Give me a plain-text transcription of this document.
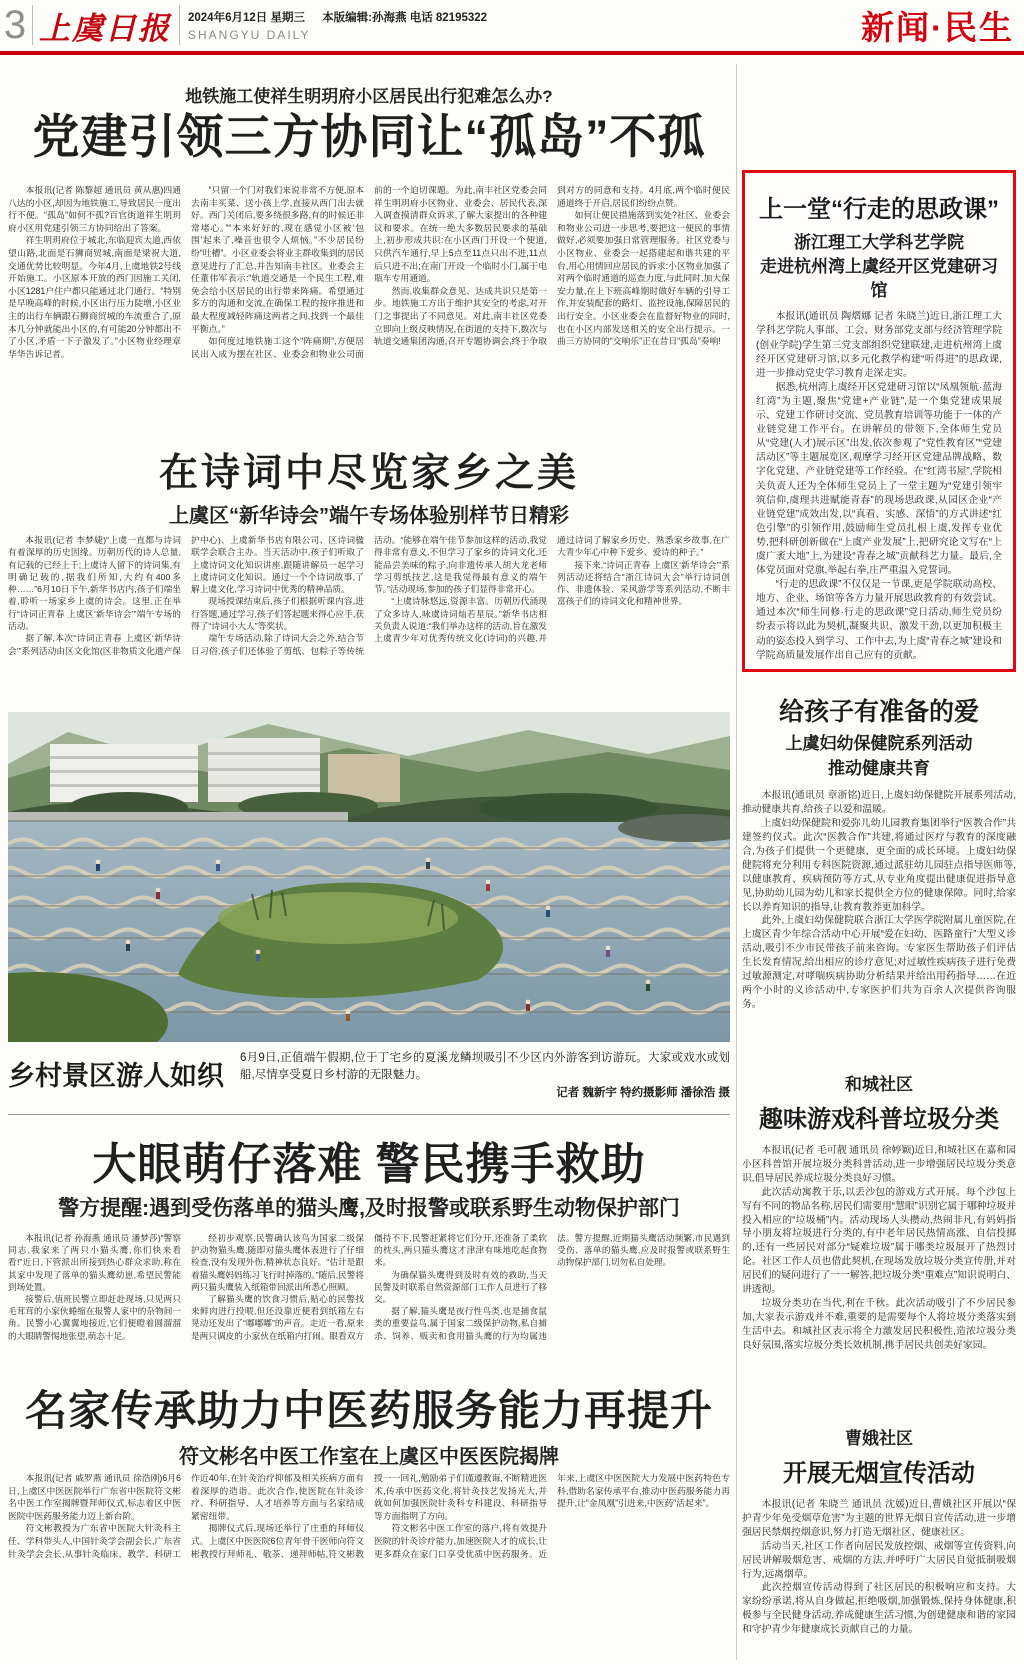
3 上虞日报 2024年6月12日 星期三 本版编辑:孙海燕 电话 82195322
SHANGYU DAILY	新闻·民生
地铁施工使祥生明玥府小区居民出行犯难怎么办?
党建引领三方协同让“孤岛”不孤

本报讯(记者 陈黎超 通讯员 黄从惠)四通八达的小区,却因为地铁施工,导致居民一度出行不便。“孤岛”如何不孤?百官街道祥生明玥府小区用党建引领三方协同给出了答案。

祥生明玥府位于城北,东临迎宾大道,西依望山路,北面是石狮商贸城,南面是梁祝大道,交通优势比较明显。今年4月,上虞地铁2号线开始施工。小区原本开放的西门因施工关闭,小区1281户住户都只能通过北门通行。“特别是早晚高峰的时候,小区出行压力陡增,小区业主的出行车辆跟石狮商贸城的车流重合了,原本几分钟就能出小区的,有可能20分钟都出不了小区,矛盾一下子激发了。”小区物业经理章华华告诉记者。

“只留一个门对我们来说非常不方便,原本去南丰买菜、送小孩上学,直接从西门出去就好。西门关闭后,要多绕很多路,有的时候还非常堵心。”“本来好好的,现在感觉小区被‘包围’起来了,噪音也很令人烦恼。”不少居民纷纷“吐槽”。小区业委会将业主群收集到的居民意见进行了汇总,并告知南丰社区。业委会主任董伟军表示:“轨道交通是一个民生工程,难免会给小区居民的出行带来阵痛。希望通过多方的沟通和交流,在确保工程的按序推进和最大程度减轻阵痛这两者之间,找到一个最佳平衡点。”

如何度过地铁施工这个“阵痛期”,方便居民出入成为摆在社区、业委会和物业公司面前的一个迫切课题。为此,南丰社区党委会同祥生明玥府小区物业、业委会、居民代表,深入调查摸清群众诉求,了解大家提出的各种建议和要求。在统一绝大多数居民要求的基础上,初步形成共识:在小区西门开设一个便道,只供汽车通行,早上5点至11点只出不进,11点后只进不出;在南门开设一个临时小门,属于电瓶车专用通道。

然而,收集群众意见、达成共识只是第一步。地铁施工方出于维护其安全的考虑,对开门之事提出了不同意见。对此,南丰社区党委立即向上级反映情况,在街道的支持下,数次与轨道交通集团沟通,召开专题协调会,终于争取到对方的同意和支持。4月底,两个临时便民通道终于开启,居民们纷纷点赞。

如何让便民措施落到实处?社区、业委会和物业公司进一步思考,要把这一便民的事情做好,必须要加强日常管理服务。社区党委与小区物业、业委会一起搭建起和谐共建的平台,用心用情回应居民的诉求:小区物业加强了对两个临时通道的巡查力度,与此同时,加大保安力量,在上下班高峰期时做好车辆的引导工作,并安装配套的路灯、监控设施,保障居民的出行安全。小区业委会在监督好物业的同时,也在小区内部发送相关的安全出行提示。一曲三方协同的“交响乐”正在昔日“孤岛”奏响!

在诗词中尽览家乡之美
上虞区“新华诗会”端午专场体验别样节日精彩

本报讯(记者 李梦婕)“上虞一直都与诗词有着深厚的历史因缘。历朝历代的诗人总量,有记载的已经上千;上虞诗人留下的诗词集,有明确记载的,据我们所知,大约有400多种……”6月10日下午,新华书店内,孩子们端坐着,聆听一场家乡上虞的诗会。这里,正在举行“诗词正青春 上虞区‘新华诗会’”端午专场的活动。

据了解,本次“诗词正青春 上虞区‘新华诗会’”系列活动由区文化馆(区非物质文化遗产保护中心)、上虞新华书店有限公司、区诗词楹联学会联合主办。当天活动中,孩子们听取了上虞诗词文化知识讲座,跟随讲解员一起学习上虞诗词文化知识。通过一个个诗词故事,了解上虞文化,学习诗词中优秀的精神品质。

现场授课结束后,孩子们根据听课内容,进行答题,通过学习,孩子们答起题来得心应手,获得了“诗词小大人”等奖状。

端午专场活动,除了诗词大会之外,结合节日习俗,孩子们还体验了剪纸、包粽子等传统活动。“能够在端午佳节参加这样的活动,我觉得非常有意义,不但学习了家乡的诗词文化,还能品尝美味的粽子,向非遗传承人胡大龙老师学习剪纸技艺,这是我觉得最有意义的端午节。”活动现场,参加的孩子们显得非常开心。

“上虞诗脉悠远,资源丰富。历朝历代涌现了众多诗人,咏虞诗词灿若星辰。”新华书店相关负责人说道:“我们举办这样的活动,旨在激发上虞青少年对优秀传统文化(诗词)的兴趣,并通过诗词了解家乡历史、熟悉家乡故事,在广大青少年心中种下爱乡、爱诗的种子。”

接下来,“诗词正青春 上虞区‘新华诗会’”系列活动还将结合“浙江诗词大会”举行诗词创作、非遗体验、采风游学等系列活动,不断丰富孩子们的诗词文化和精神世界。

乡村景区游人如织
6月9日,正值端午假期,位于丁宅乡的夏溪龙鳞坝吸引不少区内外游客到访游玩。大家或戏水或划船,尽情享受夏日乡村游的无限魅力。
记者 魏新宇 特约摄影师 潘徐浩 摄
大眼萌仔落难 警民携手救助
警方提醒:遇到受伤落单的猫头鹰,及时报警或联系野生动物保护部门

本报讯(记者 孙海燕 通讯员 潘梦莎)“警察同志,我家来了两只小猫头鹰,你们快来看看!”近日,下管派出所接到热心群众求助,称在其家中发现了落单的猫头鹰幼崽,希望民警能到场处置。

接警后,值班民警立即赶赴现场,只见两只毛茸茸的小家伙蜷缩在报警人家中的杂物间一角。民警小心翼翼地接近,它们便瞪着圆溜溜的大眼睛警惕地张望,萌态十足。

经初步观察,民警确认该鸟为国家二级保护动物猫头鹰,随即对猫头鹰体表进行了仔细检查,没有发现外伤,精神状态良好。“估计是跟着猫头鹰妈妈练习飞行时掉落的。”随后,民警将两只猫头鹰装入纸箱带回派出所悉心照顾。

了解猫头鹰的饮食习惯后,贴心的民警找来鲜肉进行投喂,但还没靠近便看到纸箱左右晃动还发出了“嘟嘟嘟”的声音。走近一看,原来是两只调皮的小家伙在纸箱内打闹。眼看双方僵持不下,民警赶紧将它们分开,还准备了柔软的枕头,两只猫头鹰这才津津有味地吃起食物来。

为确保猫头鹰得到及时有效的救助,当天民警及时联系自然资源部门工作人员进行了移交。

据了解,猫头鹰是夜行性鸟类,也是捕食鼠类的重要益鸟,属于国家二级保护动物,私自捕杀、饲养、贩卖和食用猫头鹰的行为均属违法。警方提醒,近期猫头鹰活动频繁,市民遇到受伤、落单的猫头鹰,应及时报警或联系野生动物保护部门,切勿私自处理。

名家传承助力中医药服务能力再提升
符文彬名中医工作室在上虞区中医医院揭牌

本报讯(记者 戚罗燕 通讯员 徐浩刚)6月6日,上虞区中医医院举行广东省中医院符文彬名中医工作室揭牌暨拜师仪式,标志着区中医医院中医药服务能力迈上新台阶。

符文彬教授为广东省中医院大针灸科主任、学科带头人,中国针灸学会副会长,广东省针灸学会会长,从事针灸临床、教学、科研工作近40年,在针灸治疗抑郁及相关疾病方面有着深厚的造诣。此次合作,使医院在针灸诊疗、科研指导、人才培养等方面与名家结成紧密纽带。

揭牌仪式后,现场还举行了庄重的拜师仪式。上虞区中医医院6位青年骨干医师向符文彬教授行拜师礼、敬茶、递拜师帖,符文彬教授一一回礼,勉励弟子们谨遵教诲,不断精进医术,传承中医药文化,将针灸技艺发扬光大,并就如何加强医院针灸科专科建设、科研指导等方面指明了方向。

符文彬名中医工作室的落户,将有效提升医院的针灸诊疗能力,加速医院人才的成长,让更多群众在家门口享受优质中医药服务。近年来,上虞区中医医院大力发展中医药特色专科,借助名家传承平台,推动中医药服务能力再提升,让“金凤凰”引进来,中医药“活起来”。

上一堂“行走的思政课”
浙江理工大学科艺学院
走进杭州湾上虞经开区党建研习馆

本报讯(通讯员 陶熠娜 记者 朱晓兰)近日,浙江理工大学科艺学院人事部、工会、财务部党支部与经济管理学院(创业学院)学生第三党支部组织党建联建,走进杭州湾上虞经开区党建研习馆,以多元化教学构建“听得进”的思政课,进一步推动党史学习教育走深走实。

据悉,杭州湾上虞经开区党建研习馆以“凤凰领航·蓝海红湾”为主题,聚焦“党建+产业链”,是一个集党建成果展示、党建工作研讨交流、党员教育培训等功能于一体的产业链党建工作平台。在讲解员的带领下,全体师生党员从“党建(人才)展示区”出发,依次参观了“党性教育区”“党建活动区”等主题展览区,观摩学习经开区党建品牌战略、数字化党建、产业链党建等工作经验。在“红湾书屋”,学院相关负责人还为全体师生党员上了一堂主题为“党建引领牢筑信仰,虞理共进赋能青春”的现场思政课,从园区企业“产业链党建”成效出发,以“真看、实感、深悟”的方式讲述“红色引擎”的引领作用,鼓励师生党员扎根上虞,发挥专业优势,把科研创新做在“上虞产业发展”上,把研究论文写在“上虞广袤大地”上,为建设“青春之城”贡献科艺力量。最后,全体党员面对党旗,举起右拳,庄严重温入党誓词。

“行走的思政课”不仅仅是一节课,更是学院联动高校、地方、企业、场馆等各方力量开展思政教育的有效尝试。通过本次“师生同修·行走的思政课”党日活动,师生党员纷纷表示将以此为契机,凝聚共识、激发干劲,以更加积极主动的姿态投入到学习、工作中去,为上虞“青春之城”建设和学院高质量发展作出自己应有的贡献。

给孩子有准备的爱
上虞妇幼保健院系列活动
推动健康共育

本报讯(通讯员 章浙铭)近日,上虞妇幼保健院开展系列活动,推动健康共育,给孩子以爱和温暖。

上虞妇幼保健院和爱弥儿幼儿园教育集团举行“医教合作”共建签约仪式。此次“医教合作”共建,将通过医疗与教育的深度融合,为孩子们提供一个更健康、更全面的成长环境。上虞妇幼保健院将充分利用专科医院资源,通过派驻幼儿园驻点指导医师等,以健康教育、疾病预防等方式,从专业角度提出健康促进指导意见,协助幼儿园为幼儿和家长提供全方位的健康保障。同时,给家长以养育知识的指导,让教育教养更加科学。

此外,上虞妇幼保健院联合浙江大学医学院附属儿童医院,在上虞区青少年综合活动中心开展“爱在妇幼、医路童行”大型义诊活动,吸引不少市民带孩子前来咨询。专家医生帮助孩子们评估生长发育情况,给出相应的诊疗意见;对过敏性疾病孩子进行免费过敏源测定,对哮喘疾病协助分析结果并给出用药指导……在近两个小时的义诊活动中,专家医护们共为百余人次提供咨询服务。

和城社区
趣味游戏科普垃圾分类

本报讯(记者 毛可靓 通讯员 徐婷颖)近日,和城社区在嘉和园小区科普馆开展垃圾分类科普活动,进一步增强居民垃圾分类意识,倡导居民养成垃圾分类良好习惯。

此次活动寓教于乐,以丢沙包的游戏方式开展。每个沙包上写有不同的物品名称,居民们需要用“慧眼”识别它属于哪种垃圾并投入相应的“垃圾桶”内。活动现场人头攒动,热闹非凡,有妈妈指导小朋友将垃圾进行分类的,有中老年居民热情高涨、自信投掷的,还有一些居民对部分“疑难垃圾”属于哪类垃圾展开了热烈讨论。社区工作人员也借此契机,在现场发放垃圾分类宣传册,并对居民们的疑问进行了一一解答,把垃圾分类“重难点”知识说明白、讲透彻。

垃圾分类功在当代,利在千秋。此次活动吸引了不少居民参加,大家表示游戏并不难,重要的是需要每个人将垃圾分类落实到生活中去。和城社区表示将全力激发居民积极性,造浓垃圾分类良好氛围,落实垃圾分类长效机制,携手居民共创美好家园。

曹娥社区
开展无烟宣传活动

本报讯(记者 朱晓兰 通讯员 沈媛)近日,曹娥社区开展以“保护青少年免受烟草危害”为主题的世界无烟日宣传活动,进一步增强居民禁烟控烟意识,努力打造无烟社区、健康社区。

活动当天,社区工作者向居民发放控烟、戒烟等宣传资料,向居民讲解吸烟危害、戒烟的方法,并呼吁广大居民自觉抵制吸烟行为,远离烟草。

此次控烟宣传活动得到了社区居民的积极响应和支持。大家纷纷承诺,将从自身做起,拒绝吸烟,加强锻炼,保持身体健康,积极参与全民健身活动,养成健康生活习惯,为创建健康和谐的家园和守护青少年健康成长贡献自己的力量。
